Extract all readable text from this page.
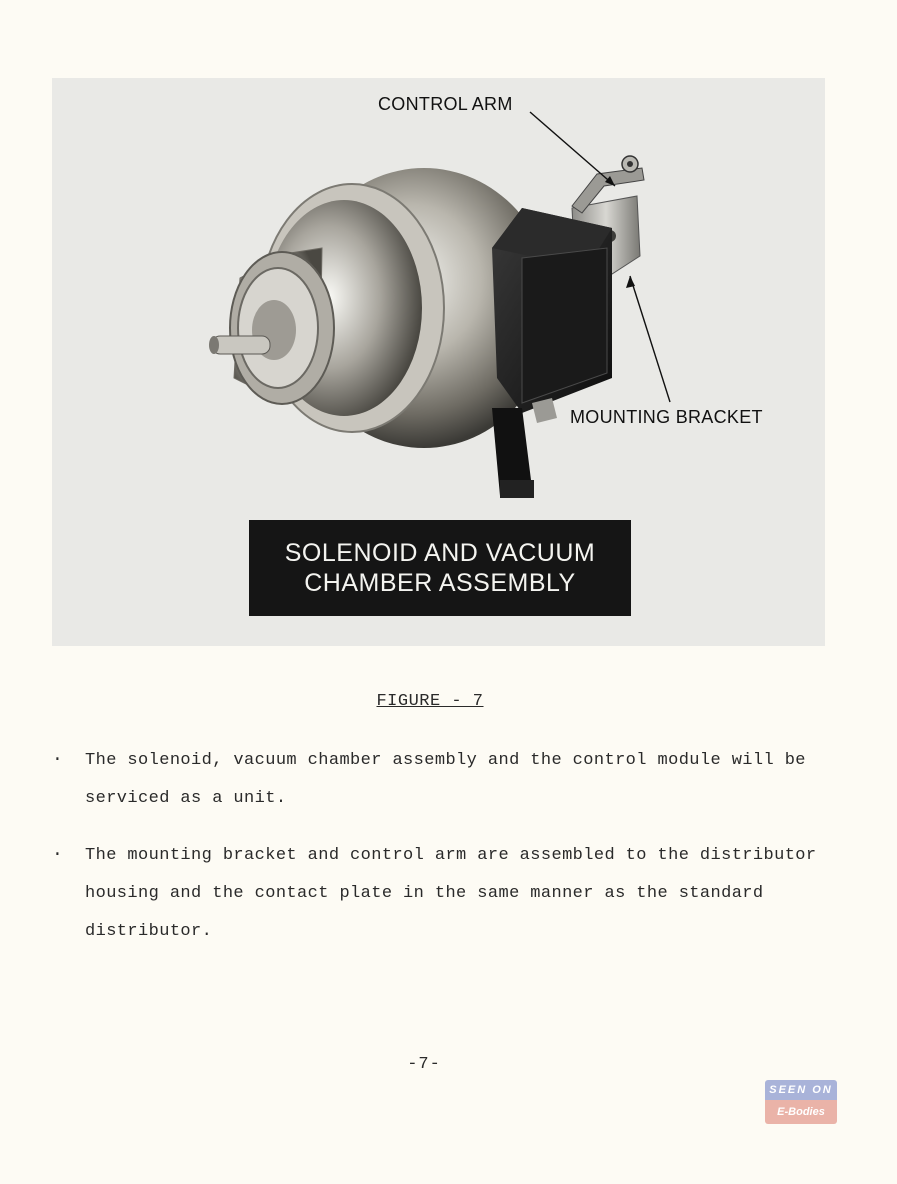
CONTROL ARM
MOUNTING BRACKET
SOLENOID AND VACUUM
CHAMBER ASSEMBLY
FIGURE - 7
. The solenoid, vacuum chamber assembly and the control module will be serviced as a unit.
. The mounting bracket and control arm are assembled to the distributor housing and the contact plate in the same manner as the standard distributor.
-7-
SEEN ON
E-Bodies
